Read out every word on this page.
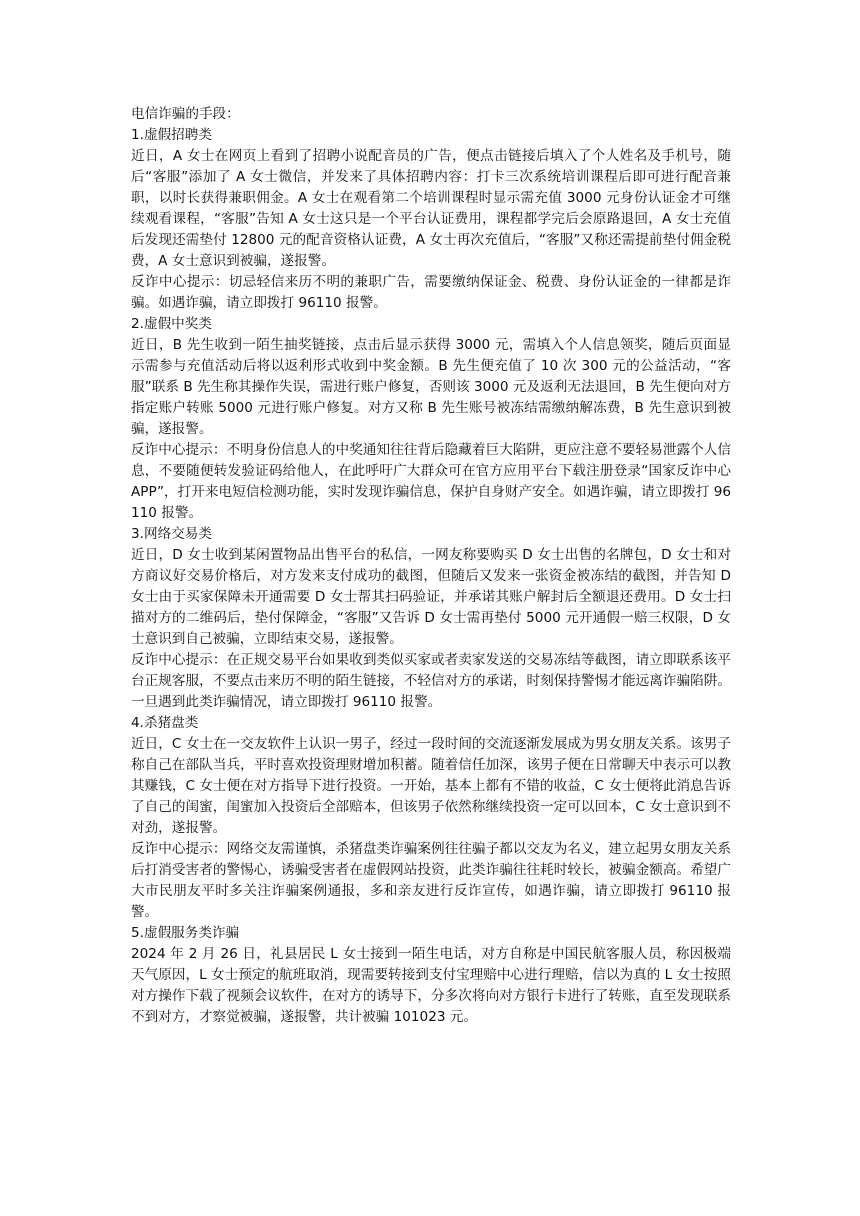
电信诈骗的手段：

1.虚假招聘类

近日，A 女士在网页上看到了招聘小说配音员的广告，便点击链接后填入了个人姓名及手机号，随后“客服”添加了 A 女士微信，并发来了具体招聘内容：打卡三次系统培训课程后即可进行配音兼职，以时长获得兼职佣金。A 女士在观看第二个培训课程时显示需充值 3000 元身份认证金才可继续观看课程，“客服”告知 A 女士这只是一个平台认证费用，课程都学完后会原路退回，A 女士充值后发现还需垫付 12800 元的配音资格认证费，A 女士再次充值后，“客服”又称还需提前垫付佣金税费，A 女士意识到被骗，遂报警。

反诈中心提示：切忌轻信来历不明的兼职广告，需要缴纳保证金、税费、身份认证金的一律都是诈骗。如遇诈骗，请立即拨打 96110 报警。

2.虚假中奖类

近日，B 先生收到一陌生抽奖链接，点击后显示获得 3000 元，需填入个人信息领奖，随后页面显示需参与充值活动后将以返利形式收到中奖金额。B 先生便充值了 10 次 300 元的公益活动，“客服”联系 B 先生称其操作失误，需进行账户修复，否则该 3000 元及返利无法退回，B 先生便向对方指定账户转账 5000 元进行账户修复。对方又称 B 先生账号被冻结需缴纳解冻费，B 先生意识到被骗，遂报警。

反诈中心提示：不明身份信息人的中奖通知往往背后隐藏着巨大陷阱，更应注意不要轻易泄露个人信息，不要随便转发验证码给他人，在此呼吁广大群众可在官方应用平台下载注册登录“国家反诈中心 APP”，打开来电短信检测功能，实时发现诈骗信息，保护自身财产安全。如遇诈骗，请立即拨打 96110 报警。

3.网络交易类

近日，D 女士收到某闲置物品出售平台的私信，一网友称要购买 D 女士出售的名牌包，D 女士和对方商议好交易价格后，对方发来支付成功的截图，但随后又发来一张资金被冻结的截图，并告知 D 女士由于买家保障未开通需要 D 女士帮其扫码验证，并承诺其账户解封后全额退还费用。D 女士扫描对方的二维码后，垫付保障金，“客服”又告诉 D 女士需再垫付 5000 元开通假一赔三权限，D 女士意识到自己被骗，立即结束交易，遂报警。

反诈中心提示：在正规交易平台如果收到类似买家或者卖家发送的交易冻结等截图，请立即联系该平台正规客服，不要点击来历不明的陌生链接，不轻信对方的承诺，时刻保持警惕才能远离诈骗陷阱。一旦遇到此类诈骗情况，请立即拨打 96110 报警。

4.杀猪盘类

近日，C 女士在一交友软件上认识一男子，经过一段时间的交流逐渐发展成为男女朋友关系。该男子称自己在部队当兵，平时喜欢投资理财增加积蓄。随着信任加深，该男子便在日常聊天中表示可以教其赚钱，C 女士便在对方指导下进行投资。一开始，基本上都有不错的收益，C 女士便将此消息告诉了自己的闺蜜，闺蜜加入投资后全部赔本，但该男子依然称继续投资一定可以回本，C 女士意识到不对劲，遂报警。

反诈中心提示：网络交友需谨慎，杀猪盘类诈骗案例往往骗子都以交友为名义，建立起男女朋友关系后打消受害者的警惕心，诱骗受害者在虚假网站投资，此类诈骗往往耗时较长，被骗金额高。希望广大市民朋友平时多关注诈骗案例通报，多和亲友进行反诈宣传，如遇诈骗，请立即拨打 96110 报警。

5.虚假服务类诈骗

2024 年 2 月 26 日，礼县居民 L 女士接到一陌生电话，对方自称是中国民航客服人员，称因极端天气原因，L 女士预定的航班取消，现需要转接到支付宝理赔中心进行理赔，信以为真的 L 女士按照对方操作下载了视频会议软件，在对方的诱导下，分多次将向对方银行卡进行了转账，直至发现联系不到对方，才察觉被骗，遂报警，共计被骗 101023 元。
